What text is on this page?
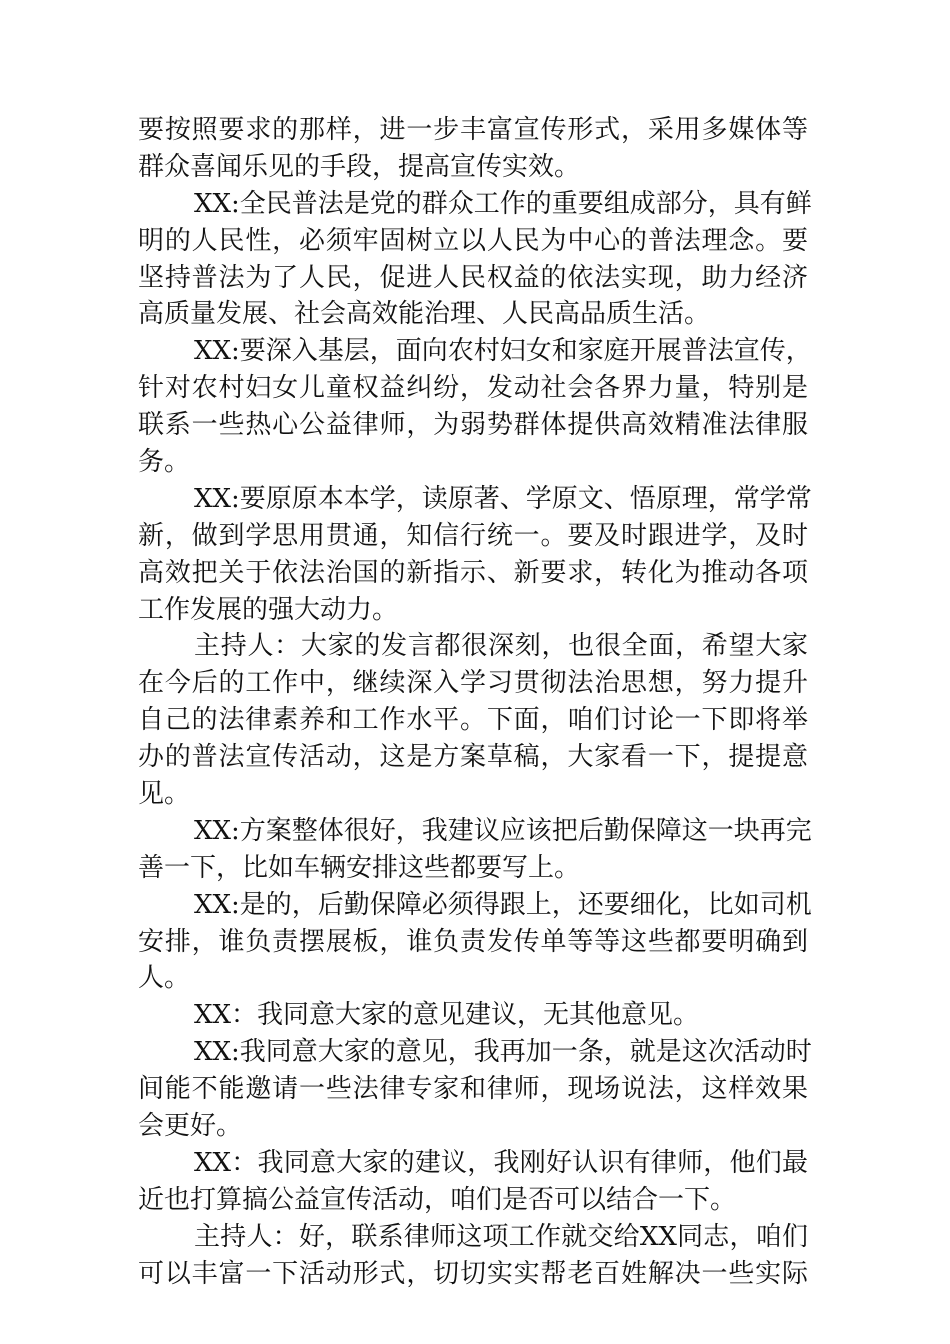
要按照要求的那样，进一步丰富宣传形式，采用多媒体等
群众喜闻乐见的手段，提高宣传实效。
XX:全民普法是党的群众工作的重要组成部分，具有鲜
明的人民性，必须牢固树立以人民为中心的普法理念。要
坚持普法为了人民，促进人民权益的依法实现，助力经济
高质量发展、社会高效能治理、人民高品质生活。
XX:要深入基层，面向农村妇女和家庭开展普法宣传，
针对农村妇女儿童权益纠纷，发动社会各界力量，特别是
联系一些热心公益律师，为弱势群体提供高效精准法律服
务。
XX:要原原本本学，读原著、学原文、悟原理，常学常
新，做到学思用贯通，知信行统一。要及时跟进学，及时
高效把关于依法治国的新指示、新要求，转化为推动各项
工作发展的强大动力。
主持人：大家的发言都很深刻，也很全面，希望大家
在今后的工作中，继续深入学习贯彻法治思想，努力提升
自己的法律素养和工作水平。下面，咱们讨论一下即将举
办的普法宣传活动，这是方案草稿，大家看一下，提提意
见。
XX:方案整体很好，我建议应该把后勤保障这一块再完
善一下，比如车辆安排这些都要写上。
XX:是的，后勤保障必须得跟上，还要细化，比如司机
安排，谁负责摆展板，谁负责发传单等等这些都要明确到
人。
XX：我同意大家的意见建议，无其他意见。
XX:我同意大家的意见，我再加一条，就是这次活动时
间能不能邀请一些法律专家和律师，现场说法，这样效果
会更好。
XX：我同意大家的建议，我刚好认识有律师，他们最
近也打算搞公益宣传活动，咱们是否可以结合一下。
主持人：好，联系律师这项工作就交给XX同志，咱们
可以丰富一下活动形式，切切实实帮老百姓解决一些实际
